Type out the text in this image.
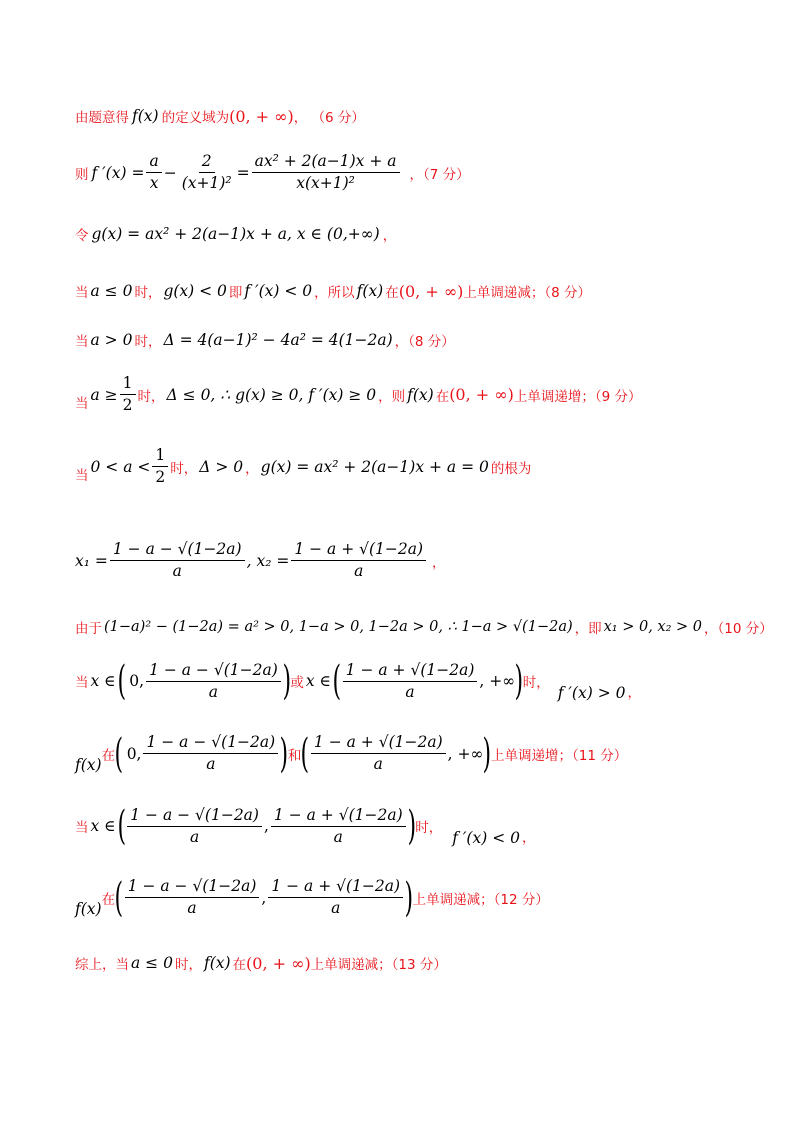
由题意得 f(x) 的定义域为 (0, + ∞) ， （6 分）
则 f $'(x) = \frac{a}{x} - \frac{2}{\text{(x+1)²}} = \frac{\text{ax² + 2(a−1)x + a}}{\text{x(x+1)²}}$ ，（7 分）
令 g(x) = ax² + 2(a−1)x + a, x ∈ (0,+∞) ，
当 a ≤ 0 时， g(x) < 0 即 f ′(x) < 0 ，所以 f(x) 在 (0, + ∞) 上单调递减；（8 分）
当 a > 0 时， Δ = 4(a−1)² − 4a² = 4(1−2a) ，（8 分）
当 $a \ge \frac{1}{2}$ 时， Δ ≤ 0, ∴ g(x) ≥ 0, f ′(x) ≥ 0 ，则 f(x) 在 (0, + ∞) 上单调递增；（9 分）
当 $0 < a < \frac{1}{2}$ 时， Δ > 0 ， g(x) = ax² + 2(a−1)x + a = 0 的根为
$x_1 = \frac{1 - a - √(1-2a)}{a}$ , $x_2 = \frac{1 - a + √(1-2a)}{a}$ ，
由于 (1−a)² − (1−2a) = a² > 0, 1−a > 0, 1−2a > 0, ∴ 1−a > √(1−2a) ，即 x₁ > 0, x₂ > 0 ，（10 分）
当 x ∈ ( 0, $\frac{1 - a - √(1-2a)}{a}$ ) 或 x ∈ ( $\frac{1 - a + √(1-2a)}{a}$ , +∞ ) 时，
f ′(x) > 0 ，
f(x) 在 ( 0, $\frac{1 - a - √(1-2a)}{a}$ ) 和 ( $\frac{1 - a + √(1-2a)}{a}$ , +∞ ) 上单调递增；（11 分）
当 x ∈ ( $\frac{1 - a - √(1-2a)}{a}$ , $\frac{1 - a + √(1-2a)}{a}$ ) 时，
f ′(x) < 0 ，
f(x) 在 ( $\frac{1 - a - √(1-2a)}{a}$ , $\frac{1 - a + √(1-2a)}{a}$ ) 上单调递减；（12 分）
综上，当 a ≤ 0 时， f(x) 在 (0, + ∞) 上单调递减；（13 分）
